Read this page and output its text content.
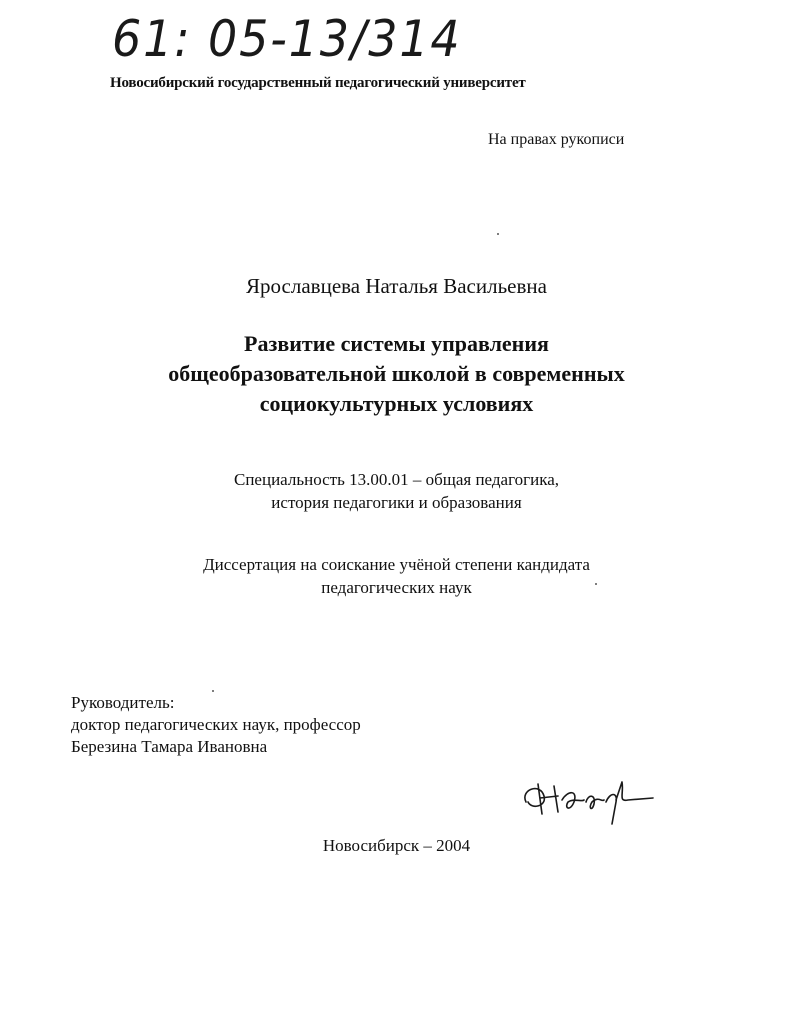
61: 05-13/314
Новосибирский государственный педагогический университет
На правах рукописи
Ярославцева Наталья Васильевна
Развитие системы управления
общеобразовательной школой в современных
социокультурных условиях
Специальность 13.00.01 – общая педагогика,
история педагогики и образования
Диссертация на соискание учёной степени кандидата
педагогических наук
Руководитель:
доктор педагогических наук, профессор
Березина Тамара Ивановна
Новосибирск – 2004
